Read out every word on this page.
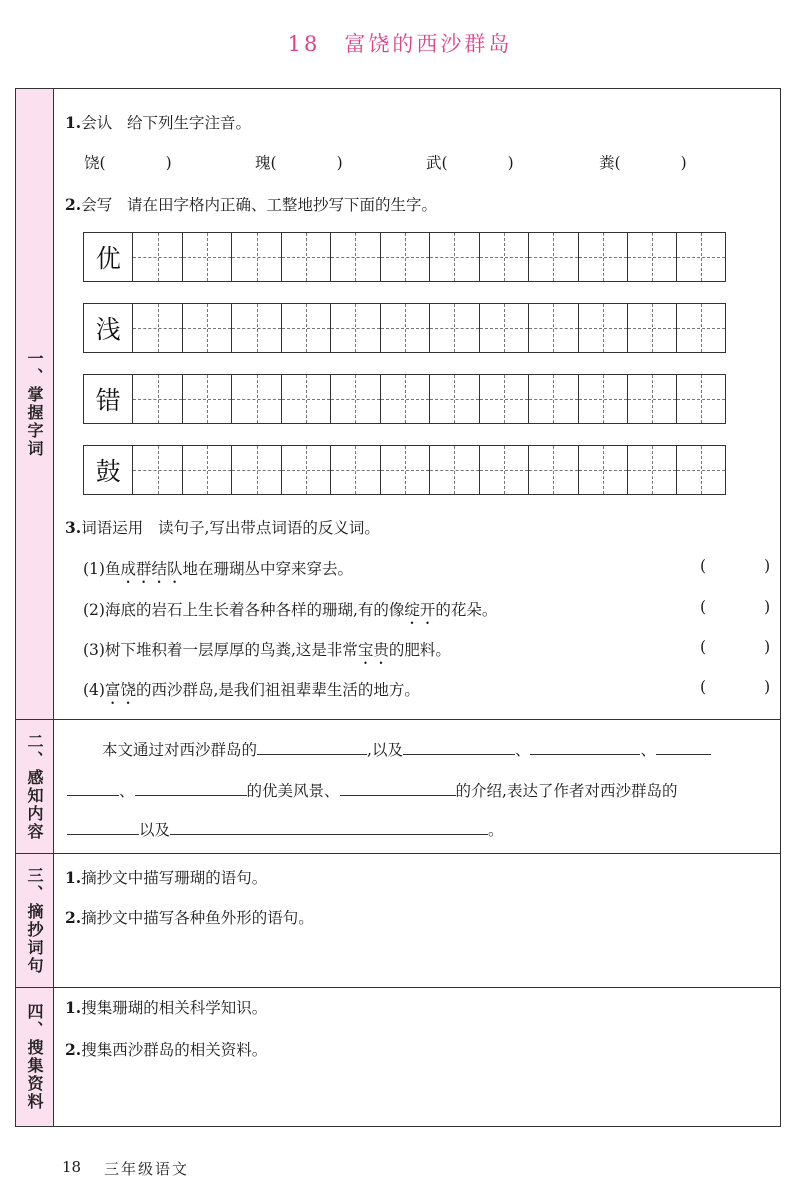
18 富饶的西沙群岛
一、掌握字词
1.会认 给下列生字注音。
饶(	)	瑰(	)	武(	)	粪(	)
2.会写 请在田字格内正确、工整地抄写下面的生字。
优
浅
错
鼓
3.词语运用 读句子,写出带点词语的反义词。
(1)鱼成群结队地在珊瑚丛中穿来穿去。	(	)
(2)海底的岩石上生长着各种各样的珊瑚,有的像绽开的花朵。	(	)
(3)树下堆积着一层厚厚的鸟粪,这是非常宝贵的肥料。	(	)
(4)富饶的西沙群岛,是我们祖祖辈辈生活的地方。	(	)
二、感知内容	本文通过对西沙群岛的	,以及	、	、
、	的优美风景、	的介绍,表达了作者对西沙群岛的
以及	。
三、摘抄词句 1.摘抄文中描写珊瑚的语句。
2.摘抄文中描写各种鱼外形的语句。
四、搜集资料 1.搜集珊瑚的相关科学知识。
2.搜集西沙群岛的相关资料。
18 三年级语文
